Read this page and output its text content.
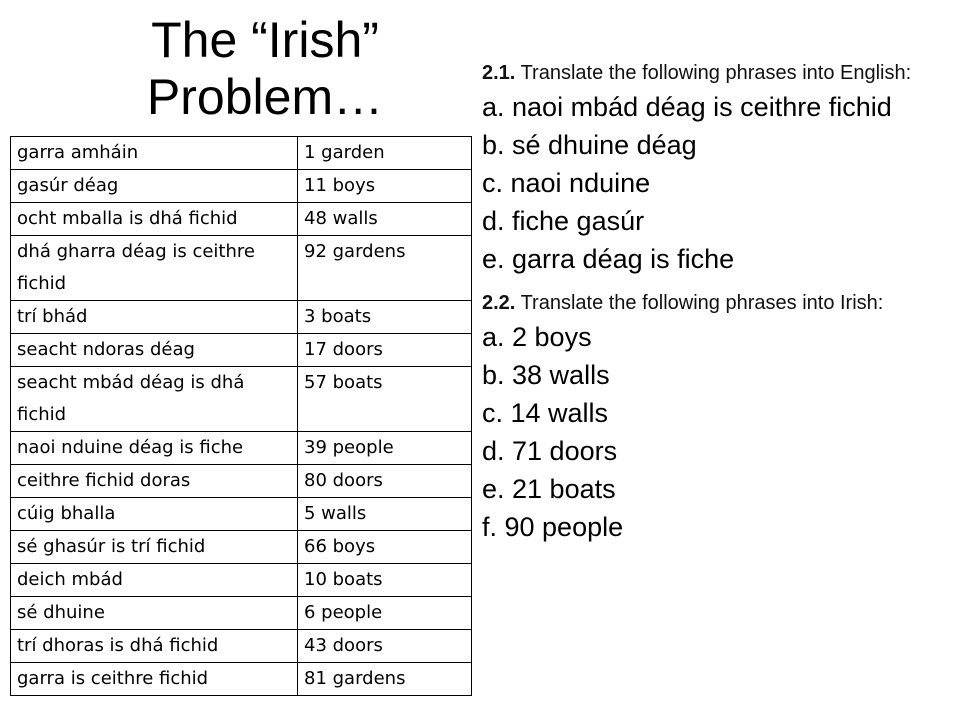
The “Irish” Problem…
garra amháin	1 garden
gasúr déag	11 boys
ocht mballa is dhá fichid	48 walls
dhá gharra déag is ceithre fichid	92 gardens
trí bhád	3 boats
seacht ndoras déag	17 doors
seacht mbád déag is dhá fichid	57 boats
naoi nduine déag is fiche	39 people
ceithre fichid doras	80 doors
cúig bhalla	5 walls
sé ghasúr is trí fichid	66 boys
deich mbád	10 boats
sé dhuine	6 people
trí dhoras is dhá fichid	43 doors
garra is ceithre fichid	81 gardens
2.1. Translate the following phrases into English:
a. naoi mbád déag is ceithre fichid
b. sé dhuine déag
c. naoi nduine
d. fiche gasúr
e. garra déag is fiche
2.2. Translate the following phrases into Irish:
a. 2 boys
b. 38 walls
c. 14 walls
d. 71 doors
e. 21 boats
f. 90 people
